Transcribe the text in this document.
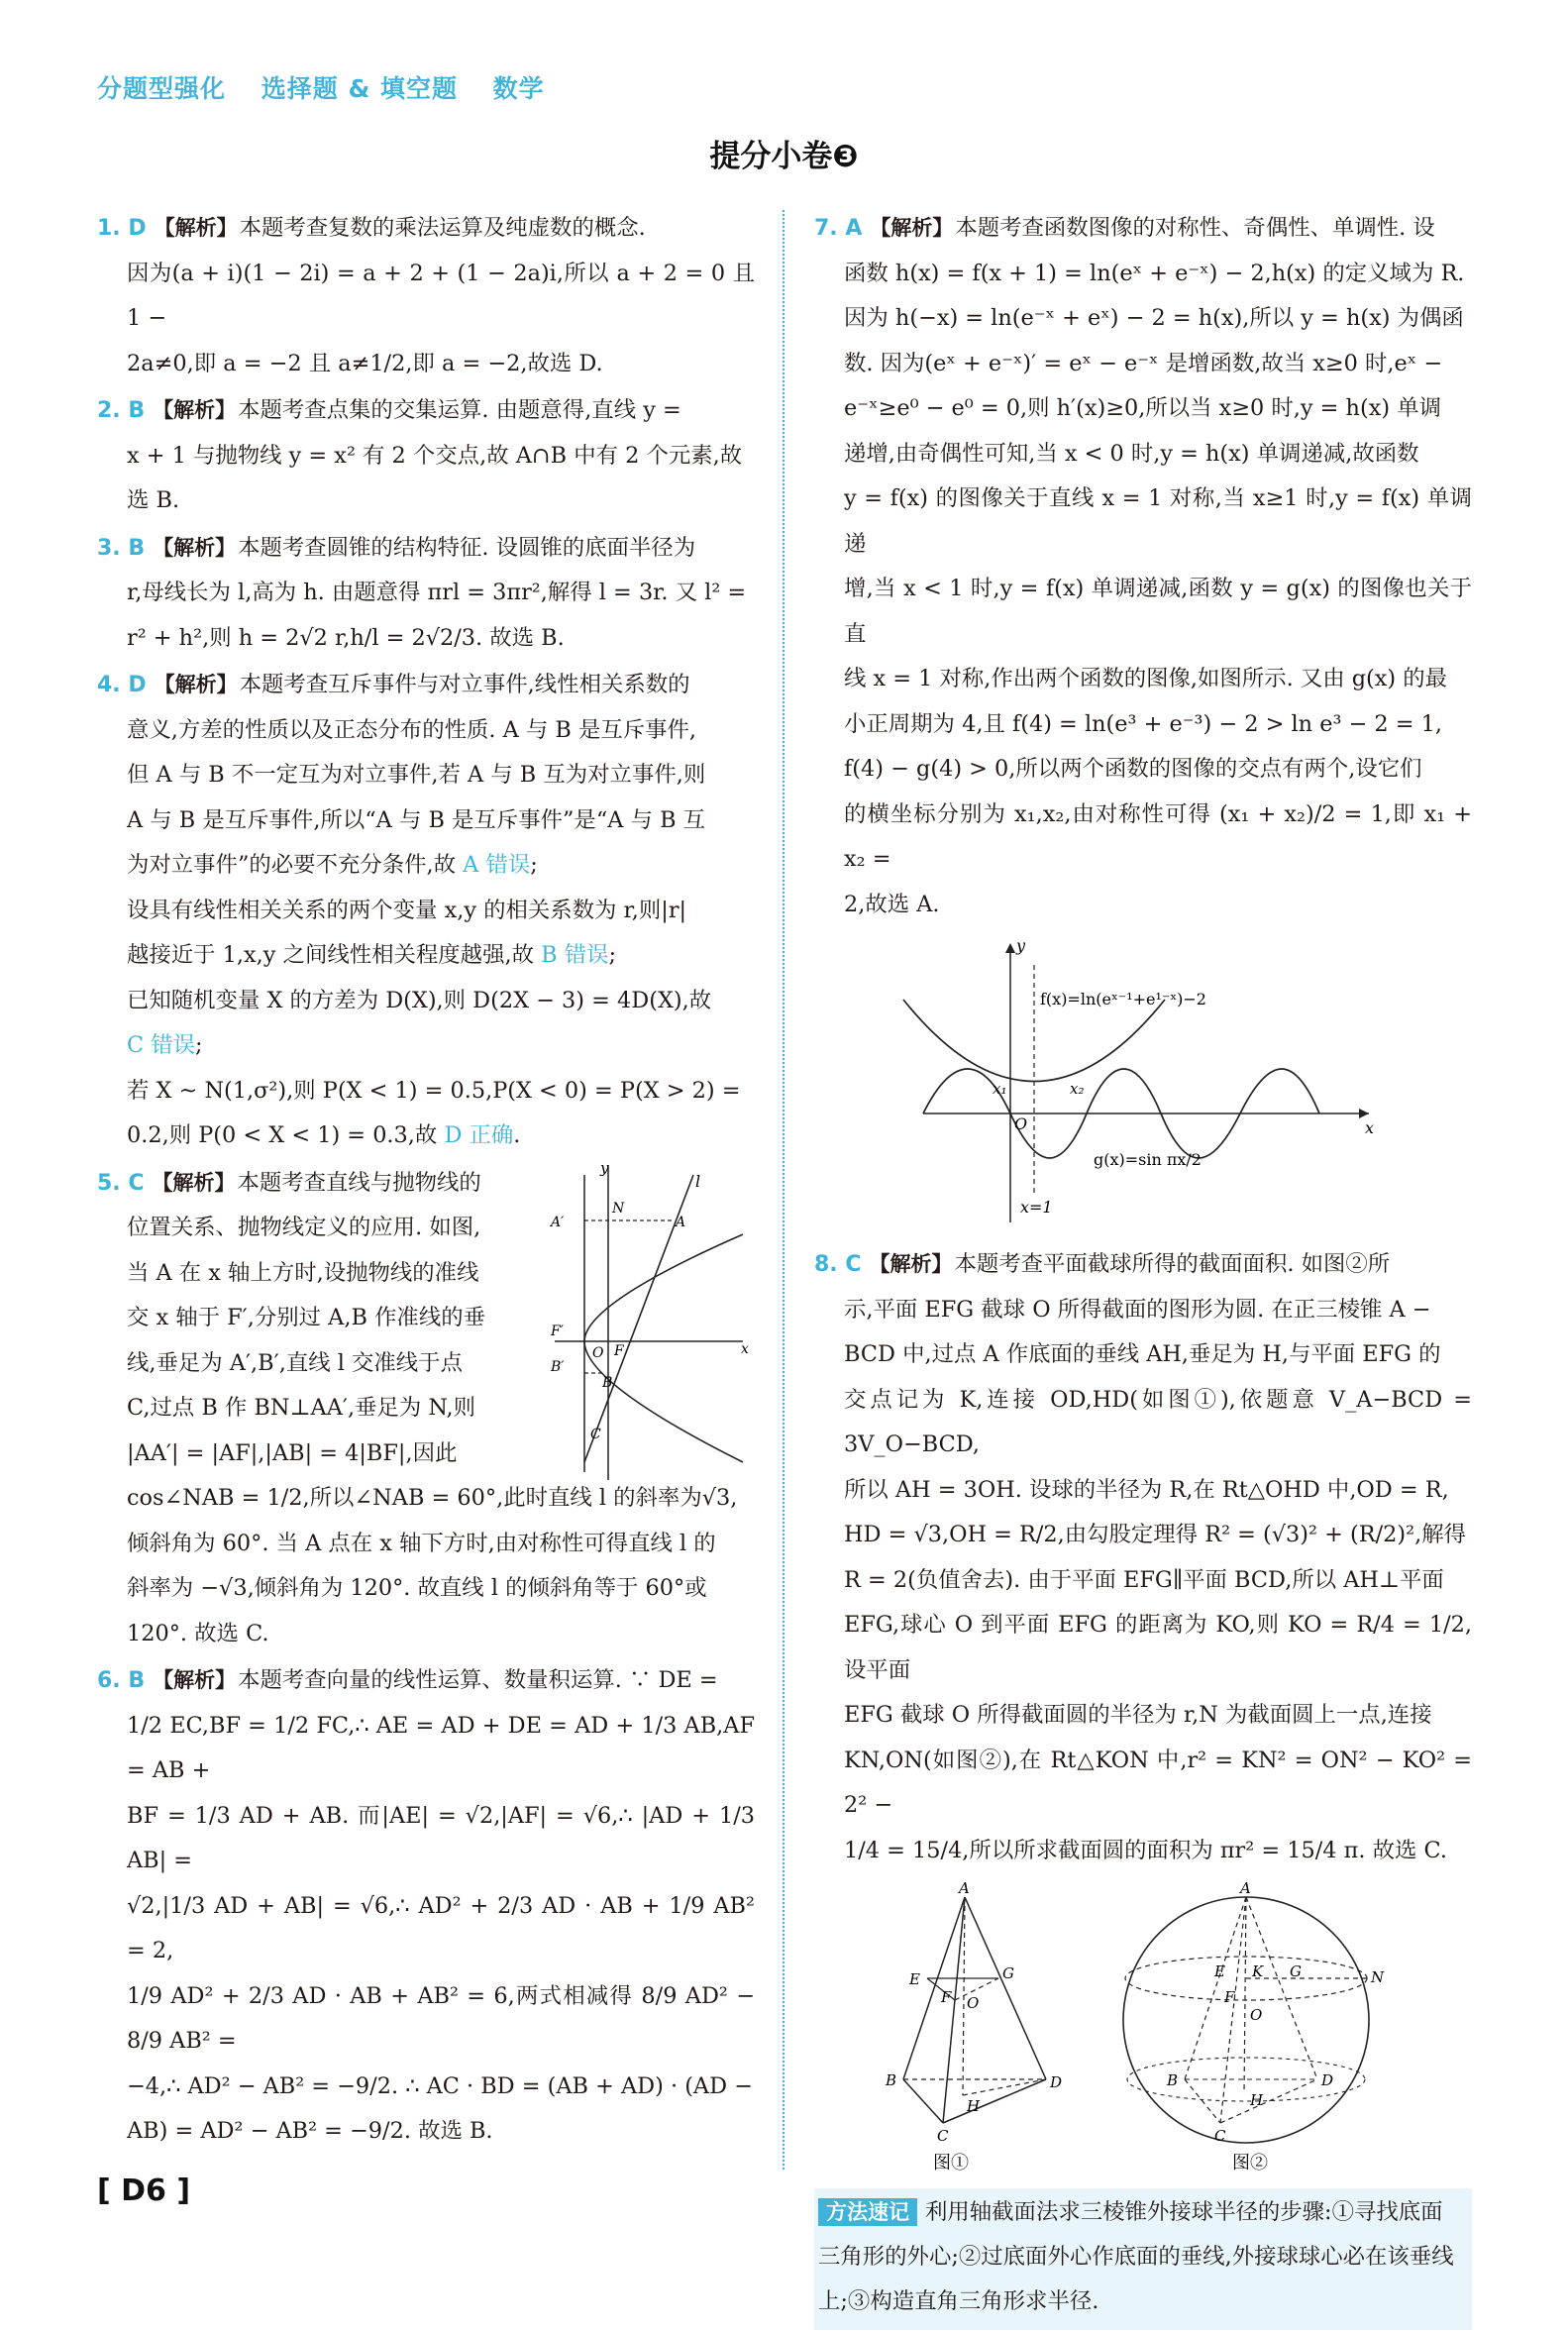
分题型强化 选择题 & 填空题 数学
提分小卷❸

1. D 【解析】本题考查复数的乘法运算及纯虚数的概念.

因为(a + i)(1 − 2i) = a + 2 + (1 − 2a)i,所以 a + 2 = 0 且 1 −

2a≠0,即 a = −2 且 a≠1/2,即 a = −2,故选 D.

2. B 【解析】本题考查点集的交集运算. 由题意得,直线 y =

x + 1 与抛物线 y = x² 有 2 个交点,故 A∩B 中有 2 个元素,故

选 B.

3. B 【解析】本题考查圆锥的结构特征. 设圆锥的底面半径为

r,母线长为 l,高为 h. 由题意得 πrl = 3πr²,解得 l = 3r. 又 l² =

r² + h²,则 h = 2√2 r,h/l = 2√2/3. 故选 B.

4. D 【解析】本题考查互斥事件与对立事件,线性相关系数的

意义,方差的性质以及正态分布的性质. A 与 B 是互斥事件,

但 A 与 B 不一定互为对立事件,若 A 与 B 互为对立事件,则

A 与 B 是互斥事件,所以“A 与 B 是互斥事件”是“A 与 B 互

为对立事件”的必要不充分条件,故 A 错误;

设具有线性相关关系的两个变量 x,y 的相关系数为 r,则|r|

越接近于 1,x,y 之间线性相关程度越强,故 B 错误;

已知随机变量 X 的方差为 D(X),则 D(2X − 3) = 4D(X),故

C 错误;

若 X ~ N(1,σ²),则 P(X < 1) = 0.5,P(X < 0) = P(X > 2) =

0.2,则 P(0 < X < 1) = 0.3,故 D 正确.

5. C 【解析】本题考查直线与抛物线的

位置关系、抛物线定义的应用. 如图,

当 A 在 x 轴上方时,设抛物线的准线

交 x 轴于 F′,分别过 A,B 作准线的垂

线,垂足为 A′,B′,直线 l 交准线于点

C,过点 B 作 BN⊥AA′,垂足为 N,则

|AA′| = |AF|,|AB| = 4|BF|,因此

y
l
N
A′	A
F′
O F
B′
B
C
x

cos∠NAB = 1/2,所以∠NAB = 60°,此时直线 l 的斜率为√3,

倾斜角为 60°. 当 A 点在 x 轴下方时,由对称性可得直线 l 的

斜率为 −√3,倾斜角为 120°. 故直线 l 的倾斜角等于 60°或

120°. 故选 C.

6. B 【解析】本题考查向量的线性运算、数量积运算. ∵ DE =

1/2 EC,BF = 1/2 FC,∴ AE = AD + DE = AD + 1/3 AB,AF = AB +

BF = 1/3 AD + AB. 而|AE| = √2,|AF| = √6,∴ |AD + 1/3 AB| =

√2,|1/3 AD + AB| = √6,∴ AD² + 2/3 AD · AB + 1/9 AB² = 2,

1/9 AD² + 2/3 AD · AB + AB² = 6,两式相减得 8/9 AD² − 8/9 AB² =

−4,∴ AD² − AB² = −9/2. ∴ AC · BD = (AB + AD) · (AD −

AB) = AD² − AB² = −9/2. 故选 B.

7. A 【解析】本题考查函数图像的对称性、奇偶性、单调性. 设

函数 h(x) = f(x + 1) = ln(eˣ + e⁻ˣ) − 2,h(x) 的定义域为 R.

因为 h(−x) = ln(e⁻ˣ + eˣ) − 2 = h(x),所以 y = h(x) 为偶函

数. 因为(eˣ + e⁻ˣ)′ = eˣ − e⁻ˣ 是增函数,故当 x≥0 时,eˣ −

e⁻ˣ≥e⁰ − e⁰ = 0,则 h′(x)≥0,所以当 x≥0 时,y = h(x) 单调

递增,由奇偶性可知,当 x < 0 时,y = h(x) 单调递减,故函数

y = f(x) 的图像关于直线 x = 1 对称,当 x≥1 时,y = f(x) 单调递

增,当 x < 1 时,y = f(x) 单调递减,函数 y = g(x) 的图像也关于直

线 x = 1 对称,作出两个函数的图像,如图所示. 又由 g(x) 的最

小正周期为 4,且 f(4) = ln(e³ + e⁻³) − 2 > ln e³ − 2 = 1,

f(4) − g(4) > 0,所以两个函数的图像的交点有两个,设它们

的横坐标分别为 x₁,x₂,由对称性可得 (x₁ + x₂)/2 = 1,即 x₁ + x₂ =

2,故选 A.

y
x
f(x)=ln(eˣ⁻¹+e¹⁻ˣ)−2
g(x)=sin πx/2
x₁	x₂
O
x=1

8. C 【解析】本题考查平面截球所得的截面面积. 如图②所

示,平面 EFG 截球 O 所得截面的图形为圆. 在正三棱锥 A −

BCD 中,过点 A 作底面的垂线 AH,垂足为 H,与平面 EFG 的

交点记为 K,连接 OD,HD(如图①),依题意 V_A−BCD = 3V_O−BCD,

所以 AH = 3OH. 设球的半径为 R,在 Rt△OHD 中,OD = R,

HD = √3,OH = R/2,由勾股定理得 R² = (√3)² + (R/2)²,解得

R = 2(负值舍去). 由于平面 EFG∥平面 BCD,所以 AH⊥平面

EFG,球心 O 到平面 EFG 的距离为 KO,则 KO = R/4 = 1/2,设平面

EFG 截球 O 所得截面圆的半径为 r,N 为截面圆上一点,连接

KN,ON(如图②),在 Rt△KON 中,r² = KN² = ON² − KO² = 2² −

1/4 = 15/4,所以所求截面圆的面积为 πr² = 15/4 π. 故选 C.

A
E	G
F O
B	D
H
C
图①
A
E K G	N
F
O
B	D
H
C
图②
方法速记 利用轴截面法求三棱锥外接球半径的步骤:①寻找底面三角形的外心;②过底面外心作底面的垂线,外接球球心必在该垂线上;③构造直角三角形求半径.
[ D6 ]
